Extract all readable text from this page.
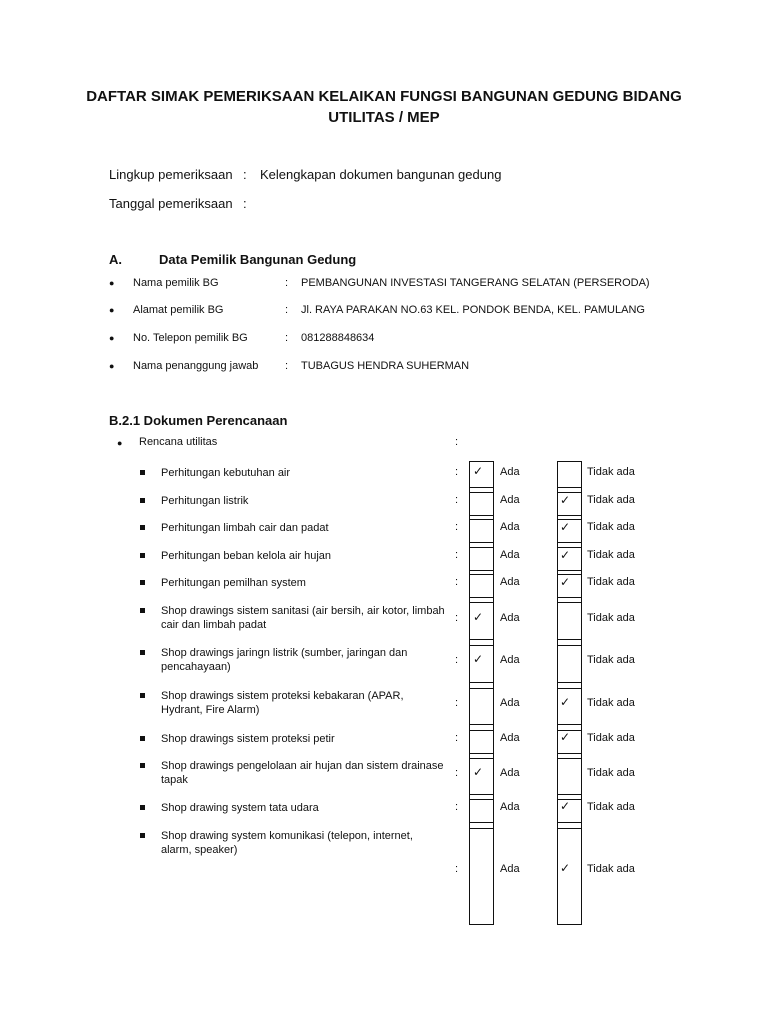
DAFTAR SIMAK PEMERIKSAAN KELAIKAN FUNGSI BANGUNAN GEDUNG BIDANG
UTILITAS / MEP
Lingkup pemeriksaan : Kelengkapan dokumen bangunan gedung
Tanggal pemeriksaan :
A.	Data Pemilik Bangunan Gedung
● Nama pemilik BG	: PEMBANGUNAN INVESTASI TANGERANG SELATAN (PERSERODA)
● Alamat pemilik BG	: Jl. RAYA PARAKAN NO.63 KEL. PONDOK BENDA, KEL. PAMULANG
● No. Telepon pemilik BG	: 081288848634
● Nama penanggung jawab : TUBAGUS HENDRA SUHERMAN
B.2.1 Dokumen Perencanaan
● Rencana utilitas	:
Perhitungan kebutuhan air	: ✓ Ada	Tidak ada
Perhitungan listrik	:	Ada	✓ Tidak ada
Perhitungan limbah cair dan padat	:	Ada	✓ Tidak ada
Perhitungan beban kelola air hujan	:	Ada	✓ Tidak ada
Perhitungan pemilhan system	:	Ada	✓ Tidak ada
Shop drawings sistem sanitasi (air bersih, air kotor, limbah cair dan limbah padat
: ✓ Ada	Tidak ada
Shop drawings jaringn listrik (sumber, jaringan dan pencahayaan)
: ✓ Ada	Tidak ada
Shop drawings sistem proteksi kebakaran (APAR, Hydrant, Fire Alarm)
:	Ada	✓ Tidak ada
Shop drawings sistem proteksi petir	:	Ada	✓ Tidak ada
Shop drawings pengelolaan air hujan dan sistem drainase tapak
: ✓ Ada	Tidak ada
Shop drawing system tata udara	:	Ada	✓ Tidak ada
Shop drawing system komunikasi (telepon, internet, alarm, speaker)
:	Ada	✓ Tidak ada
